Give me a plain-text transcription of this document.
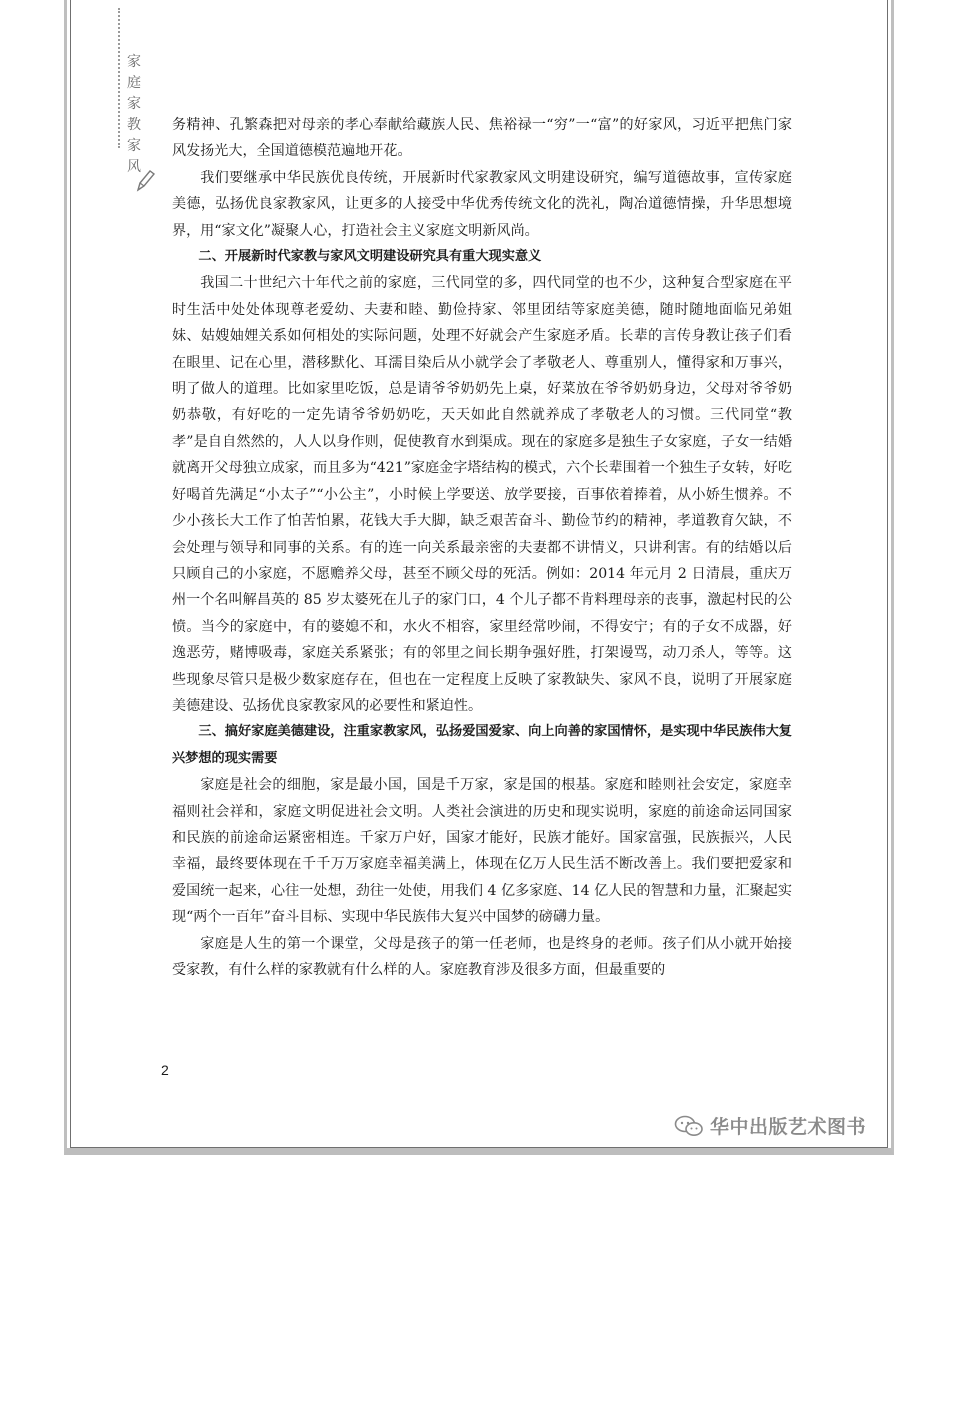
家
庭
家
教
家
风

务精神、孔繁森把对母亲的孝心奉献给藏族人民、焦裕禄一“穷”一“富”的好家风，习近平把焦门家风发扬光大，全国道德模范遍地开花。

我们要继承中华民族优良传统，开展新时代家教家风文明建设研究，编写道德故事，宣传家庭美德，弘扬优良家教家风，让更多的人接受中华优秀传统文化的洗礼，陶冶道德情操，升华思想境界，用“家文化”凝聚人心，打造社会主义家庭文明新风尚。

二、开展新时代家教与家风文明建设研究具有重大现实意义

我国二十世纪六十年代之前的家庭，三代同堂的多，四代同堂的也不少，这种复合型家庭在平时生活中处处体现尊老爱幼、夫妻和睦、勤俭持家、邻里团结等家庭美德，随时随地面临兄弟姐妹、姑嫂妯娌关系如何相处的实际问题，处理不好就会产生家庭矛盾。长辈的言传身教让孩子们看在眼里、记在心里，潜移默化、耳濡目染后从小就学会了孝敬老人、尊重别人，懂得家和万事兴，明了做人的道理。比如家里吃饭，总是请爷爷奶奶先上桌，好菜放在爷爷奶奶身边，父母对爷爷奶奶恭敬，有好吃的一定先请爷爷奶奶吃，天天如此自然就养成了孝敬老人的习惯。三代同堂“教孝”是自自然然的，人人以身作则，促使教育水到渠成。现在的家庭多是独生子女家庭，子女一结婚就离开父母独立成家，而且多为“421”家庭金字塔结构的模式，六个长辈围着一个独生子女转，好吃好喝首先满足“小太子”“小公主”，小时候上学要送、放学要接，百事依着捧着，从小娇生惯养。不少小孩长大工作了怕苦怕累，花钱大手大脚，缺乏艰苦奋斗、勤俭节约的精神，孝道教育欠缺，不会处理与领导和同事的关系。有的连一向关系最亲密的夫妻都不讲情义，只讲利害。有的结婚以后只顾自己的小家庭，不愿赡养父母，甚至不顾父母的死活。例如：2014 年元月 2 日清晨，重庆万州一个名叫解昌英的 85 岁太婆死在儿子的家门口，4 个儿子都不肯料理母亲的丧事，激起村民的公愤。当今的家庭中，有的婆媳不和，水火不相容，家里经常吵闹，不得安宁；有的子女不成器，好逸恶劳，赌博吸毒，家庭关系紧张；有的邻里之间长期争强好胜，打架谩骂，动刀杀人，等等。这些现象尽管只是极少数家庭存在，但也在一定程度上反映了家教缺失、家风不良，说明了开展家庭美德建设、弘扬优良家教家风的必要性和紧迫性。

三、搞好家庭美德建设，注重家教家风，弘扬爱国爱家、向上向善的家国情怀，是实现中华民族伟大复兴梦想的现实需要

家庭是社会的细胞，家是最小国，国是千万家，家是国的根基。家庭和睦则社会安定，家庭幸福则社会祥和，家庭文明促进社会文明。人类社会演进的历史和现实说明，家庭的前途命运同国家和民族的前途命运紧密相连。千家万户好，国家才能好，民族才能好。国家富强，民族振兴，人民幸福，最终要体现在千千万万家庭幸福美满上，体现在亿万人民生活不断改善上。我们要把爱家和爱国统一起来，心往一处想，劲往一处使，用我们 4 亿多家庭、14 亿人民的智慧和力量，汇聚起实现“两个一百年”奋斗目标、实现中华民族伟大复兴中国梦的磅礴力量。

家庭是人生的第一个课堂，父母是孩子的第一任老师，也是终身的老师。孩子们从小就开始接受家教，有什么样的家教就有什么样的人。家庭教育涉及很多方面，但最重要的

2
华中出版艺术图书
